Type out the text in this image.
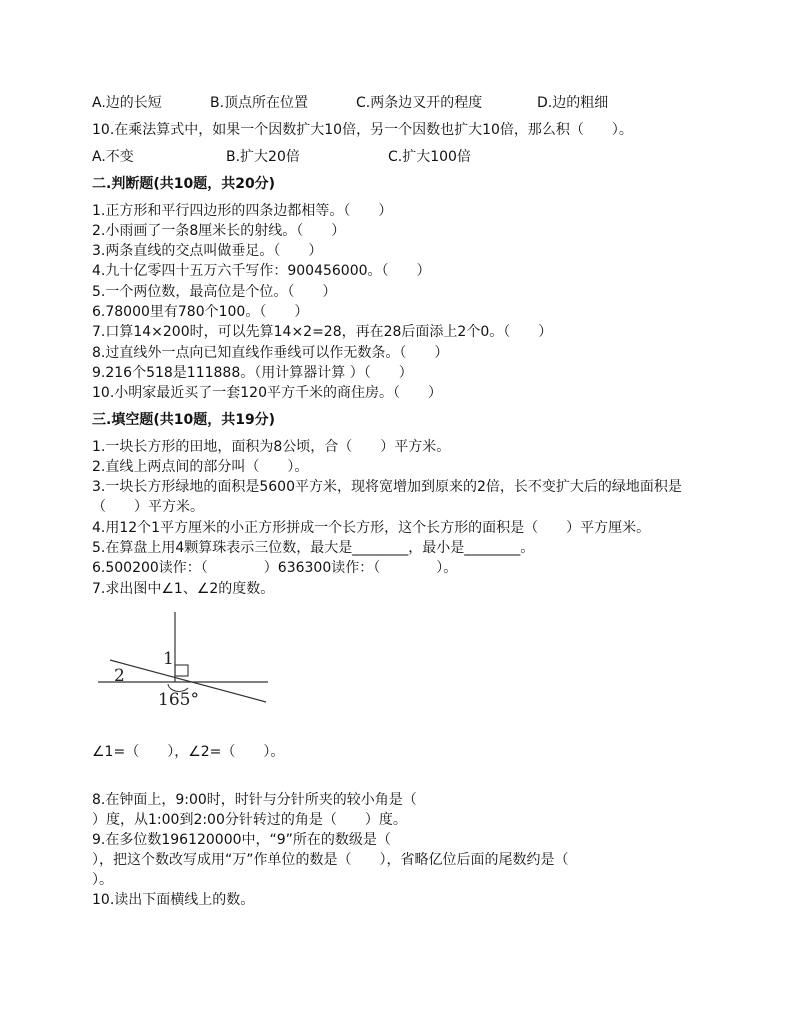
A.边的长短	B.顶点所在位置	C.两条边叉开的程度	D.边的粗细
10.在乘法算式中，如果一个因数扩大10倍，另一个因数也扩大10倍，那么积（　　）。
A.不变	B.扩大20倍	C.扩大100倍
二.判断题(共10题，共20分)
1.正方形和平行四边形的四条边都相等。（　　）
2.小雨画了一条8厘米长的射线。（　　）
3.两条直线的交点叫做垂足。（　　）
4.九十亿零四十五万六千写作：900456000。（　　）
5.一个两位数，最高位是个位。（　　）
6.78000里有780个100。（　　）
7.口算14×200时，可以先算14×2=28，再在28后面添上2个0。（　　）
8.过直线外一点向已知直线作垂线可以作无数条。（　　）
9.216个518是111888。（用计算器计算 ）（　　）
10.小明家最近买了一套120平方千米的商住房。（　　）
三.填空题(共10题，共19分)
1.一块长方形的田地，面积为8公顷，合（　　）平方米。
2.直线上两点间的部分叫（　　）。
3.一块长方形绿地的面积是5600平方米，现将宽增加到原来的2倍，长不变扩大后的绿地面积是（　　）平方米。
4.用12个1平方厘米的小正方形拼成一个长方形，这个长方形的面积是（　　）平方厘米。
5.在算盘上用4颗算珠表示三位数，最大是________，最小是________。
6.500200读作：（　　　　）636300读作：（　　　　）。
7.求出图中∠1、∠2的度数。
1
2
165°
∠1=（　　），∠2=（　　）。
8.在钟面上，9:00时，时针与分针所夹的较小角是（
）度，从1:00到2:00分针转过的角是（　　）度。
9.在多位数196120000中，“9”所在的数级是（
），把这个数改写成用“万”作单位的数是（　　），省略亿位后面的尾数约是（
）。
10.读出下面横线上的数。
